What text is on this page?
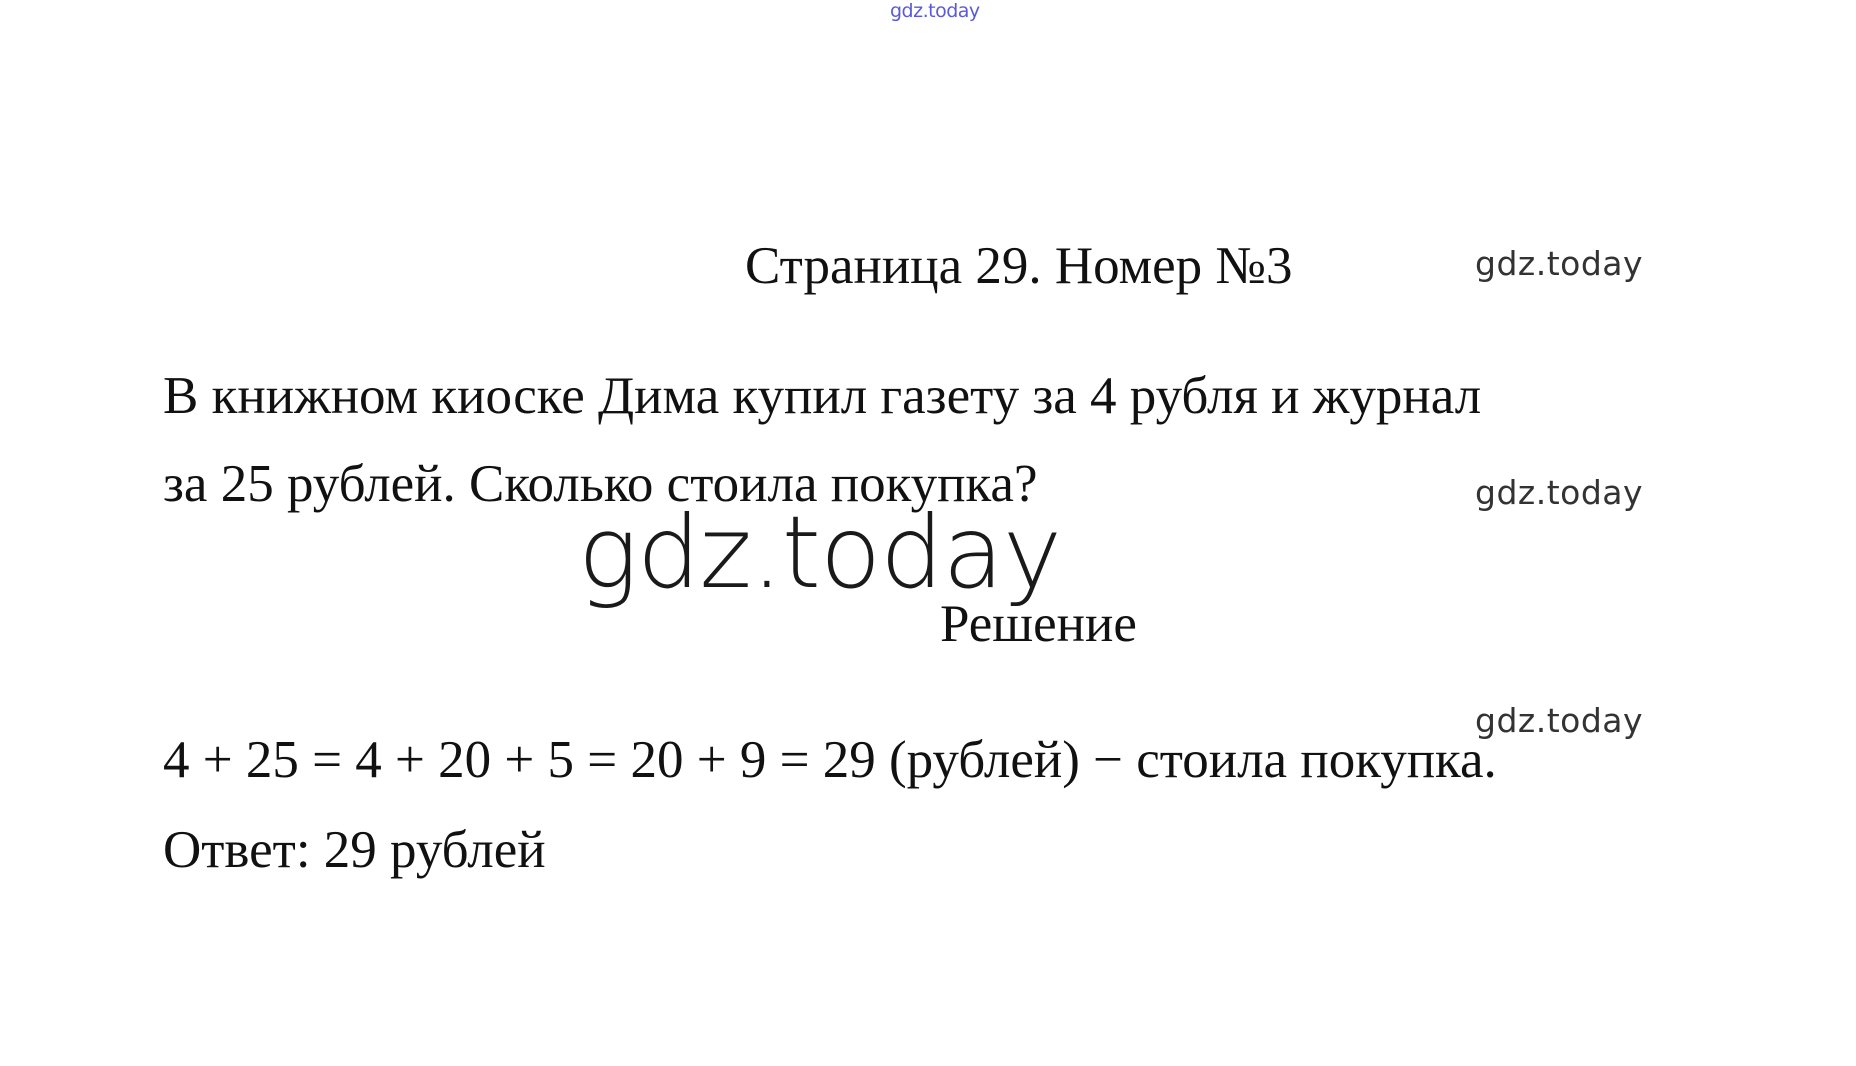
gdz.today
Страница 29. Номер №3	gdz.today
В книжном киоске Дима купил газету за 4 рубля и журнал
за 25 рублей. Сколько стоила покупка?	gdz.today
gdz.today
Решение
gdz.today
4 + 25 = 4 + 20 + 5 = 20 + 9 = 29 (рублей) − стоила покупка.
Ответ: 29 рублей
